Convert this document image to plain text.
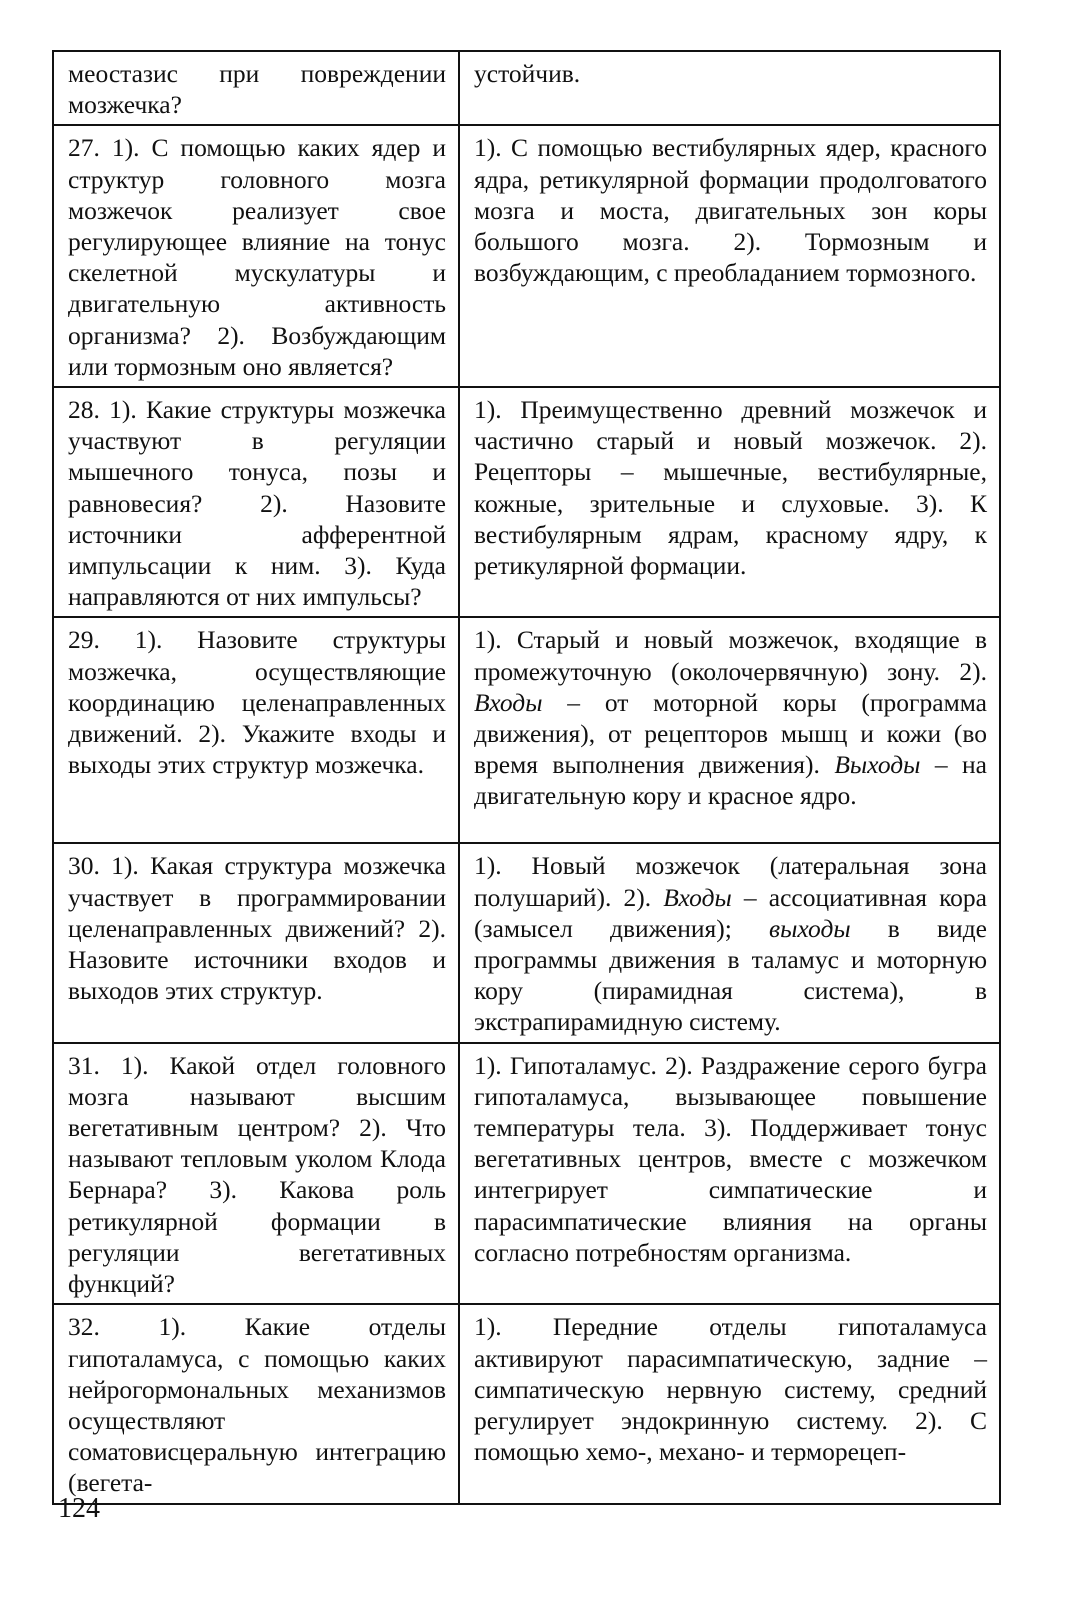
меостазис при повреждении мозжечка?	устойчив.
27. 1). С помощью каких ядер и структур головного мозга мозжечок реализует свое регулирующее влияние на тонус скелетной мускулатуры и двигательную активность организма? 2). Возбуждающим или тормозным оно является?	1). С помощью вестибулярных ядер, красного ядра, ретикулярной формации продолговатого мозга и моста, двигательных зон коры большого мозга. 2). Тормозным и возбуждающим, с преобладанием тормозного.
28. 1). Какие структуры мозжечка участвуют в регуляции мышечного тонуса, позы и равновесия? 2). Назовите источники афферентной импульсации к ним. 3). Куда направляются от них импульсы?	1). Преимущественно древний мозжечок и частично старый и новый мозжечок. 2). Рецепторы – мышечные, вестибулярные, кожные, зрительные и слуховые. 3). К вестибулярным ядрам, красному ядру, к ретикулярной формации.
29. 1). Назовите структуры мозжечка, осуществляющие координацию целенаправленных движений. 2). Укажите входы и выходы этих структур мозжечка.	1). Старый и новый мозжечок, входящие в промежуточную (околочервячную) зону. 2). Входы – от моторной коры (программа движения), от рецепторов мышц и кожи (во время выполнения движения). Выходы – на двигательную кору и красное ядро.
30. 1). Какая структура мозжечка участвует в программировании целенаправленных движений? 2). Назовите источники входов и выходов этих структур.	1). Новый мозжечок (латеральная зона полушарий). 2). Входы – ассоциативная кора (замысел движения); выходы в виде программы движения в таламус и моторную кору (пирамидная система), в экстрапирамидную систему.
31. 1). Какой отдел головного мозга называют высшим вегетативным центром? 2). Что называют тепловым уколом Клода Бернара? 3). Какова роль ретикулярной формации в регуляции вегетативных функций?	1). Гипоталамус. 2). Раздражение серого бугра гипоталамуса, вызывающее повышение температуры тела. 3). Поддерживает тонус вегетативных центров, вместе с мозжечком интегрирует симпатические и парасимпатические влияния на органы согласно потребностям организма.
32. 1). Какие отделы гипоталамуса, с помощью каких нейрогормональных механизмов осуществляют соматовисцеральную интеграцию (вегета-	1). Передние отделы гипоталамуса активируют парасимпатическую, задние – симпатическую нервную систему, средний регулирует эндокринную систему. 2). С помощью хемо-, механо- и терморецеп-
124
